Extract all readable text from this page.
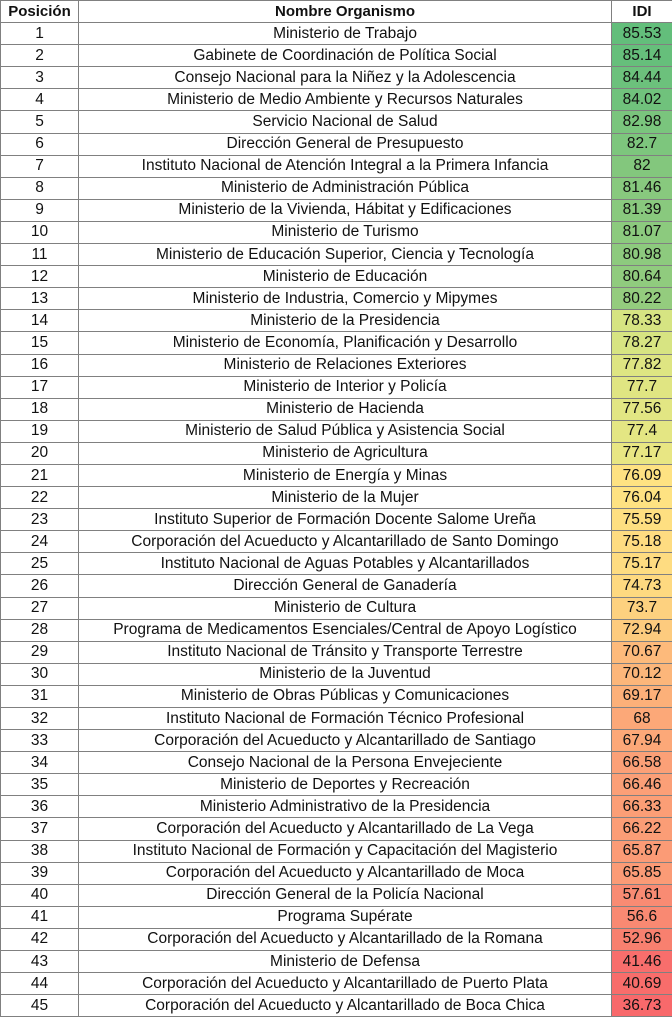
Posición	Nombre Organismo	IDI
1	Ministerio de Trabajo	85.53
2	Gabinete de Coordinación de Política Social	85.14
3	Consejo Nacional para la Niñez y la Adolescencia	84.44
4	Ministerio de Medio Ambiente y Recursos Naturales	84.02
5	Servicio Nacional de Salud	82.98
6	Dirección General de Presupuesto	82.7
7	Instituto Nacional de Atención Integral a la Primera Infancia	82
8	Ministerio de Administración Pública	81.46
9	Ministerio de la Vivienda, Hábitat y Edificaciones	81.39
10	Ministerio de Turismo	81.07
11	Ministerio de Educación Superior, Ciencia y Tecnología	80.98
12	Ministerio de Educación	80.64
13	Ministerio de Industria, Comercio y Mipymes	80.22
14	Ministerio de la Presidencia	78.33
15	Ministerio de Economía, Planificación y Desarrollo	78.27
16	Ministerio de Relaciones Exteriores	77.82
17	Ministerio de Interior y Policía	77.7
18	Ministerio de Hacienda	77.56
19	Ministerio de Salud Pública y Asistencia Social	77.4
20	Ministerio de Agricultura	77.17
21	Ministerio de Energía y Minas	76.09
22	Ministerio de la Mujer	76.04
23	Instituto Superior de Formación Docente Salome Ureña	75.59
24	Corporación del Acueducto y Alcantarillado de Santo Domingo	75.18
25	Instituto Nacional de Aguas Potables y Alcantarillados	75.17
26	Dirección General de Ganadería	74.73
27	Ministerio de Cultura	73.7
28	Programa de Medicamentos Esenciales/Central de Apoyo Logístico	72.94
29	Instituto Nacional de Tránsito y Transporte Terrestre	70.67
30	Ministerio de la Juventud	70.12
31	Ministerio de Obras Públicas y Comunicaciones	69.17
32	Instituto Nacional de Formación Técnico Profesional	68
33	Corporación del Acueducto y Alcantarillado de Santiago	67.94
34	Consejo Nacional de la Persona Envejeciente	66.58
35	Ministerio de Deportes y Recreación	66.46
36	Ministerio Administrativo de la Presidencia	66.33
37	Corporación del Acueducto y Alcantarillado de La Vega	66.22
38	Instituto Nacional de Formación y Capacitación del Magisterio	65.87
39	Corporación del Acueducto y Alcantarillado de Moca	65.85
40	Dirección General de la Policía Nacional	57.61
41	Programa Supérate	56.6
42	Corporación del Acueducto y Alcantarillado de la Romana	52.96
43	Ministerio de Defensa	41.46
44	Corporación del Acueducto y Alcantarillado de Puerto Plata	40.69
45	Corporación del Acueducto y Alcantarillado de Boca Chica	36.73
